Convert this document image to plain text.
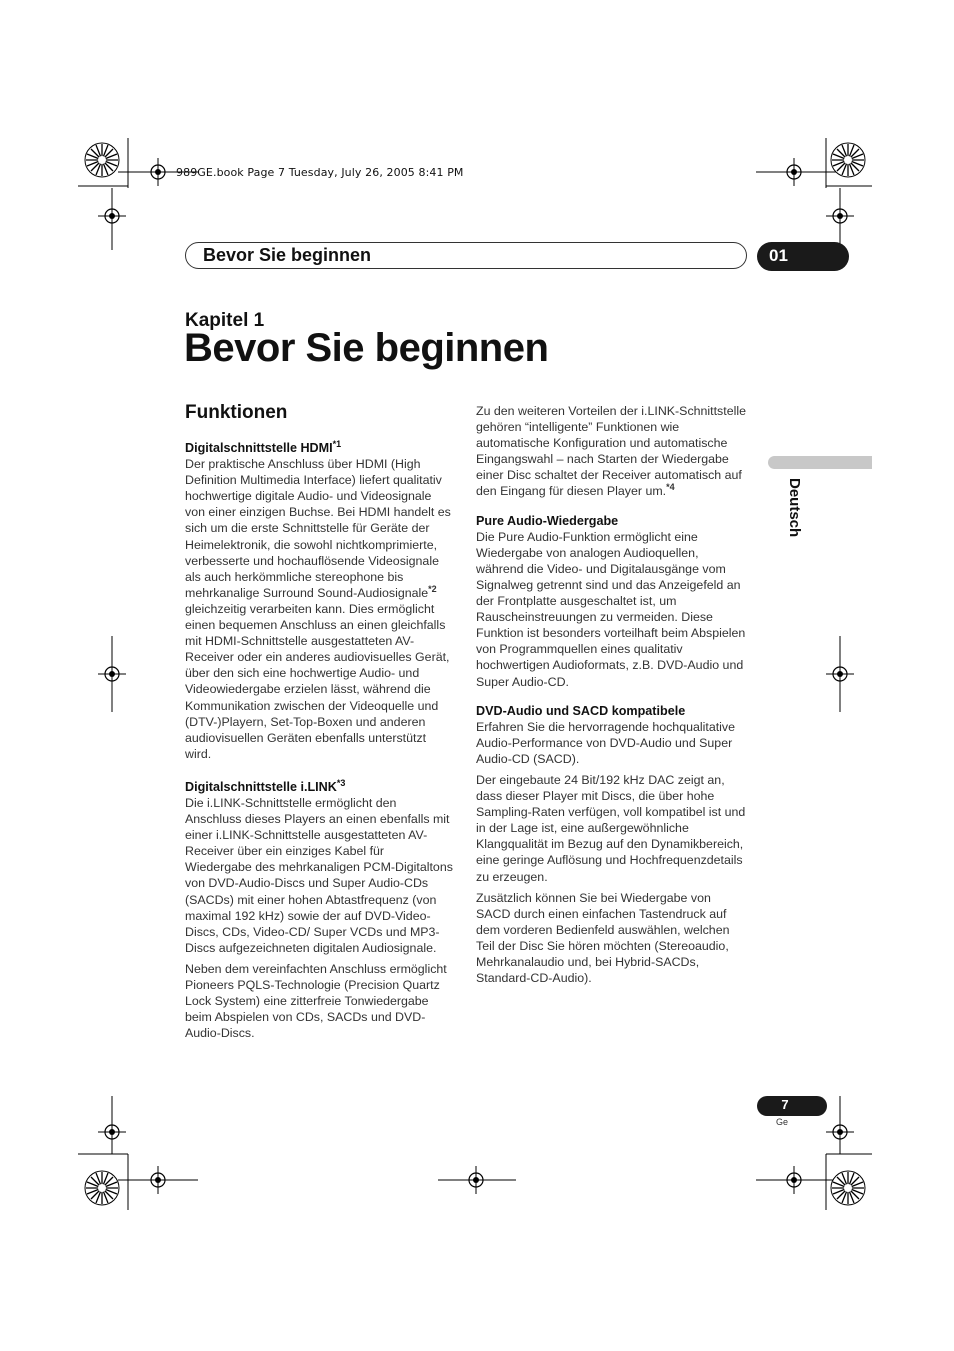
989GE.book Page 7 Tuesday, July 26, 2005 8:41 PM
Bevor Sie beginnen	01
Kapitel 1
Bevor Sie beginnen
Funktionen
Digitalschnittstelle HDMI$^{*1}$

Der praktische Anschluss über HDMI (High Definition Multimedia Interface) liefert qualitativ hochwertige digitale Audio- und Videosignale von einer einzigen Buchse. Bei HDMI handelt es sich um die erste Schnittstelle für Geräte der Heimelektronik, die sowohl nichtkomprimierte, verbesserte und hochauflösende Videosignale als auch herkömmliche stereophone bis mehrkanalige Surround Sound-Audiosignale$^{*2}$ gleichzeitig verarbeiten kann. Dies ermöglicht einen bequemen Anschluss an einen gleichfalls mit HDMI-Schnittstelle ausgestatteten AV-Receiver oder ein anderes audiovisuelles Gerät, über den sich eine hochwertige Audio- und Videowiedergabe erzielen lässt, während die Kommunikation zwischen der Videoquelle und (DTV-)Playern, Set-Top-Boxen und anderen audiovisuellen Geräten ebenfalls unterstützt wird.

Digitalschnittstelle i.LINK$^{*3}$

Die i.LINK-Schnittstelle ermöglicht den Anschluss dieses Players an einen ebenfalls mit einer i.LINK-Schnittstelle ausgestatteten AV-Receiver über ein einziges Kabel für Wiedergabe des mehrkanaligen PCM-Digitaltons von DVD-Audio-Discs und Super Audio-CDs (SACDs) mit einer hohen Abtastfrequenz (von maximal 192 kHz) sowie der auf DVD-Video-Discs, CDs, Video-CD/ Super VCDs und MP3-Discs aufgezeichneten digitalen Audiosignale.

Neben dem vereinfachten Anschluss ermöglicht Pioneers PQLS-Technologie (Precision Quartz Lock System) eine zitterfreie Tonwiedergabe beim Abspielen von CDs, SACDs und DVD-Audio-Discs.

Zu den weiteren Vorteilen der i.LINK-Schnittstelle gehören “intelligente” Funktionen wie automatische Konfiguration und automatische Eingangswahl – nach Starten der Wiedergabe einer Disc schaltet der Receiver automatisch auf den Eingang für diesen Player um.$^{*4}$

Pure Audio-Wiedergabe

Die Pure Audio-Funktion ermöglicht eine Wiedergabe von analogen Audioquellen, während die Video- und Digitalausgänge vom Signalweg getrennt sind und das Anzeigefeld an der Frontplatte ausgeschaltet ist, um Rauscheinstreuungen zu vermeiden. Diese Funktion ist besonders vorteilhaft beim Abspielen von Programmquellen eines qualitativ hochwertigen Audioformats, z.B. DVD-Audio und Super Audio-CD.

DVD-Audio und SACD kompatibele

Erfahren Sie die hervorragende hochqualitative Audio-Performance von DVD-Audio und Super Audio-CD (SACD).

Der eingebaute 24 Bit/192 kHz DAC zeigt an, dass dieser Player mit Discs, die über hohe Sampling-Raten verfügen, voll kompatibel ist und in der Lage ist, eine außergewöhnliche Klangqualität im Bezug auf den Dynamikbereich, eine geringe Auflösung und Hochfrequenzdetails zu erzeugen.

Zusätzlich können Sie bei Wiedergabe von SACD durch einen einfachen Tastendruck auf dem vorderen Bedienfeld auswählen, welchen Teil der Disc Sie hören möchten (Stereoaudio, Mehrkanalaudio und, bei Hybrid-SACDs, Standard-CD-Audio).

Deutsch
7
Ge
